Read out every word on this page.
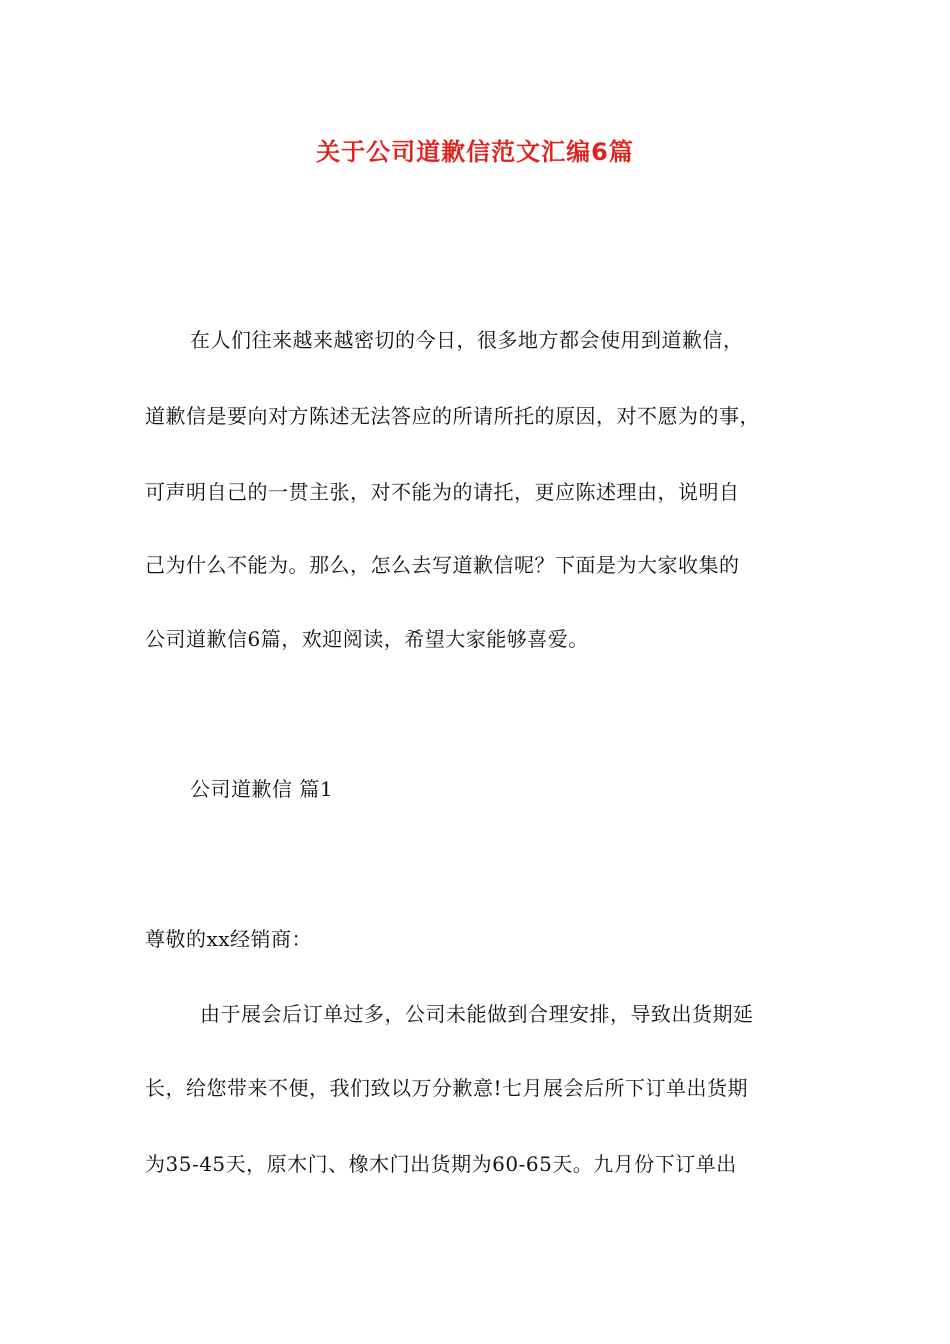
关于公司道歉信范文汇编6篇
在人们往来越来越密切的今日，很多地方都会使用到道歉信，
道歉信是要向对方陈述无法答应的所请所托的原因，对不愿为的事，
可声明自己的一贯主张，对不能为的请托，更应陈述理由，说明自
己为什么不能为。那么，怎么去写道歉信呢？下面是为大家收集的
公司道歉信6篇，欢迎阅读，希望大家能够喜爱。
公司道歉信 篇1
尊敬的xx经销商：
由于展会后订单过多，公司未能做到合理安排，导致出货期延
长，给您带来不便，我们致以万分歉意!七月展会后所下订单出货期
为35-45天，原木门、橡木门出货期为60-65天。九月份下订单出
